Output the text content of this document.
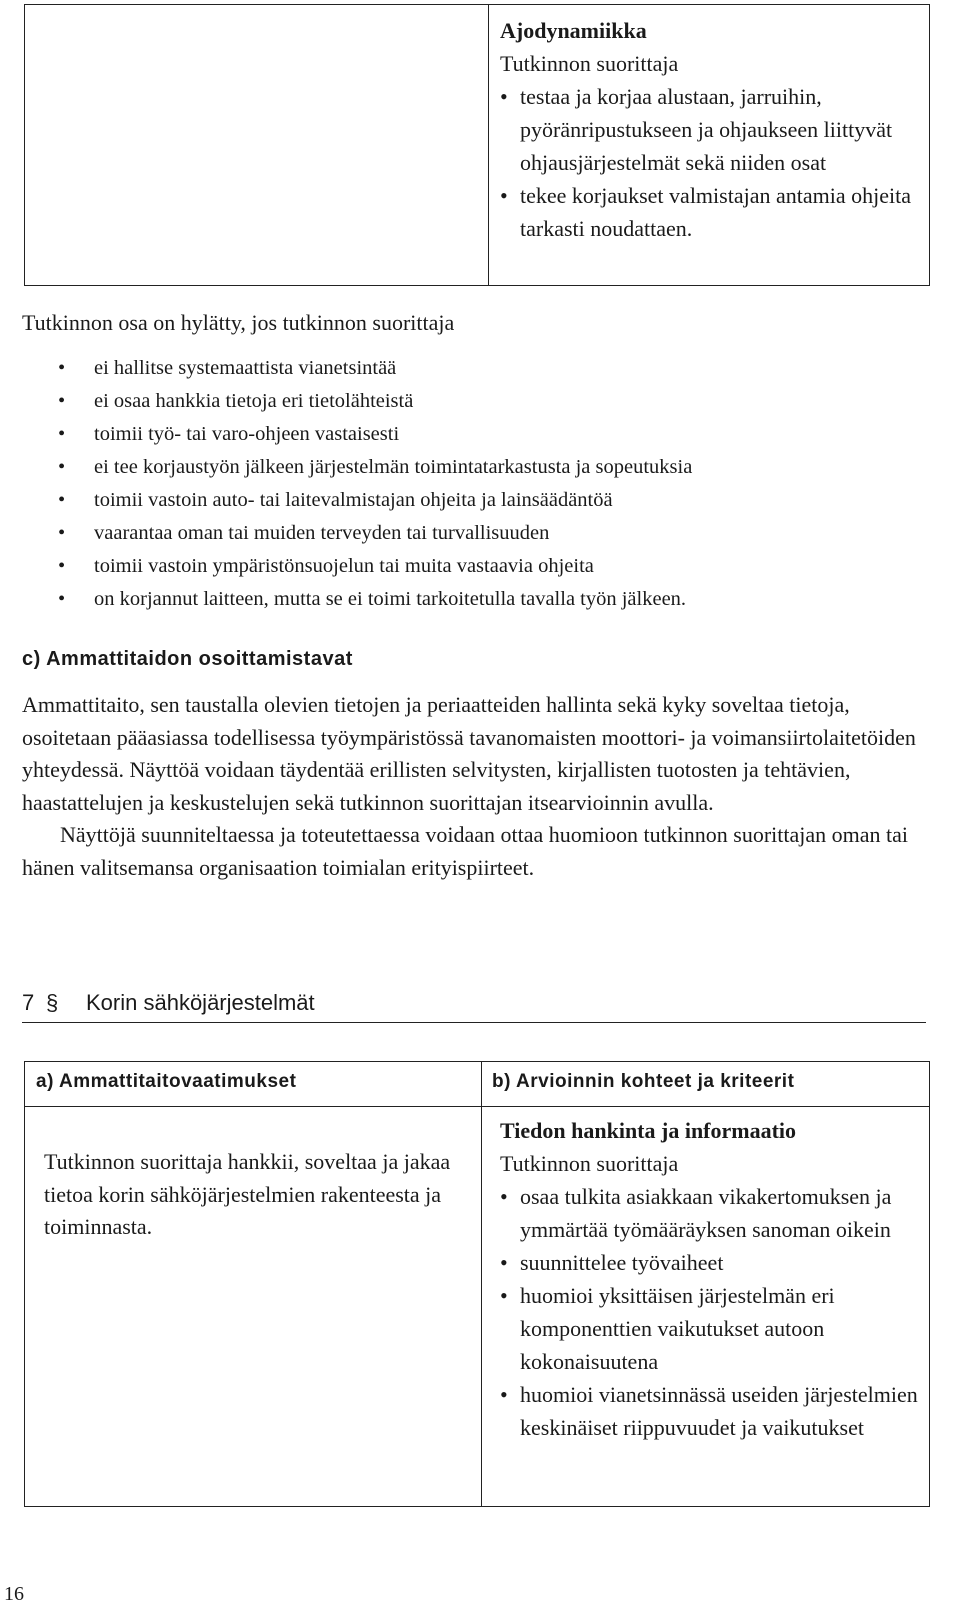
Ajodynamiikka
Tutkinnon suorittaja
• testaa ja korjaa alustaan, jarruihin, pyöränripustukseen ja ohjaukseen liittyvät ohjausjärjestelmät sekä niiden osat
• tekee korjaukset valmistajan antamia ohjeita tarkasti noudattaen.
Tutkinnon osa on hylätty, jos tutkinnon suorittaja
• ei hallitse systemaattista vianetsintää
• ei osaa hankkia tietoja eri tietolähteistä
• toimii työ- tai varo-ohjeen vastaisesti
• ei tee korjaustyön jälkeen järjestelmän toimintatarkastusta ja sopeutuksia
• toimii vastoin auto- tai laitevalmistajan ohjeita ja lainsäädäntöä
• vaarantaa oman tai muiden terveyden tai turvallisuuden
• toimii vastoin ympäristönsuojelun tai muita vastaavia ohjeita
• on korjannut laitteen, mutta se ei toimi tarkoitetulla tavalla työn jälkeen.
c) Ammattitaidon osoittamistavat

Ammattitaito, sen taustalla olevien tietojen ja periaatteiden hallinta sekä kyky soveltaa tietoja, osoitetaan pääasiassa todellisessa työympäristössä tavanomaisten moottori- ja voimansiirtolaitetöiden yhteydessä. Näyttöä voidaan täydentää erillisten selvitysten, kirjallisten tuotosten ja tehtävien, haastattelujen ja keskustelujen sekä tutkinnon suorittajan itsearvioinnin avulla.

Näyttöjä suunniteltaessa ja toteutettaessa voidaan ottaa huomioon tutkinnon suorittajan oman tai hänen valitsemansa organisaation toimialan erityispiirteet.

7 § Korin sähköjärjestelmät
a) Ammattitaitovaatimukset	b) Arvioinnin kohteet ja kriteerit
Tutkinnon suorittaja hankkii, soveltaa ja jakaa tietoa korin sähköjärjestelmien rakenteesta ja toiminnasta.
Tiedon hankinta ja informaatio
Tutkinnon suorittaja
• osaa tulkita asiakkaan vikakertomuksen ja ymmärtää työmääräyksen sanoman oikein
• suunnittelee työvaiheet
• huomioi yksittäisen järjestelmän eri komponenttien vaikutukset autoon kokonaisuutena
• huomioi vianetsinnässä useiden järjestelmien keskinäiset riippuvuudet ja vaikutukset
16
